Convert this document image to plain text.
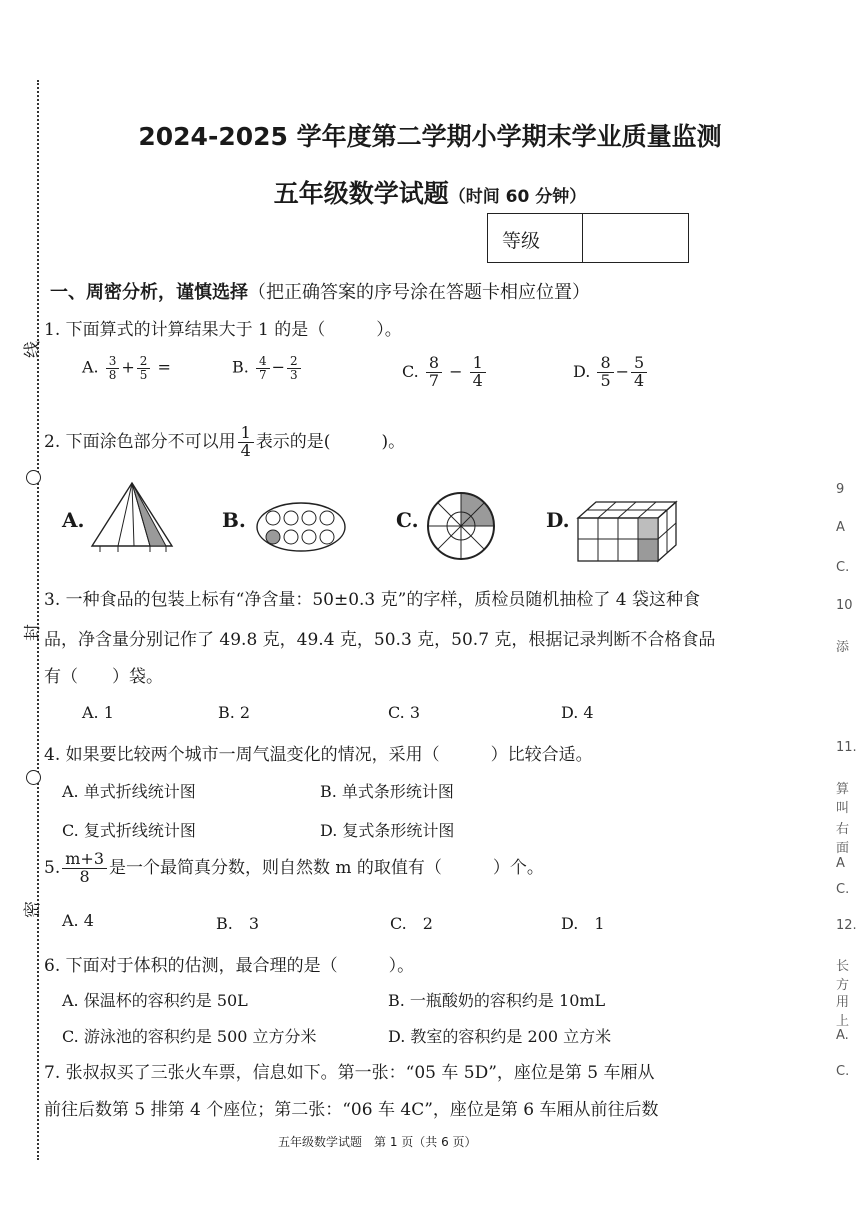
线
封
密
2024-2025 学年度第二学期小学期末学业质量监测
五年级数学试题（时间 60 分钟）
等级
一、周密分析，谨慎选择（把正确答案的序号涂在答题卡相应位置）
1. 下面算式的计算结果大于 1 的是（　　　）。
A. $\frac{3}{8} + \frac{2}{5}$ =	B. $\frac{4}{7} - \frac{2}{3}$	C. $\frac{8}{7} - \frac{1}{4}$	D. $\frac{8}{5} - \frac{5}{4}$
2. 下面涂色部分不可以用 $\frac{1}{4}$ 表示的是(　　　)。
A.	B.	C.	D.
3. 一种食品的包装上标有“净含量：50±0.3 克”的字样，质检员随机抽检了 4 袋这种食
品，净含量分别记作了 49.8 克，49.4 克，50.3 克，50.7 克，根据记录判断不合格食品
有（　　）袋。
A. 1	B. 2	C. 3	D. 4
4. 如果要比较两个城市一周气温变化的情况，采用（　　　）比较合适。
A. 单式折线统计图	B. 单式条形统计图
C. 复式折线统计图	D. 复式条形统计图
5. $\frac{m+3}{8}$ 是一个最简真分数，则自然数 m 的取值有（　　　）个。
A. 4	B.　3	C.　2	D.　1
6. 下面对于体积的估测，最合理的是（　　　）。
A. 保温杯的容积约是 50L	B. 一瓶酸奶的容积约是 10mL
C. 游泳池的容积约是 500 立方分米	D. 教室的容积约是 200 立方米
7. 张叔叔买了三张火车票，信息如下。第一张：“05 车 5D”，座位是第 5 车厢从
前往后数第 5 排第 4 个座位；第二张：“06 车 4C”，座位是第 6 车厢从前往后数
五年级数学试题　第 1 页（共 6 页）
9
A
C.
10
添
11.
算叫
右面
A
C.
12.
长方
用上
A.
C.
